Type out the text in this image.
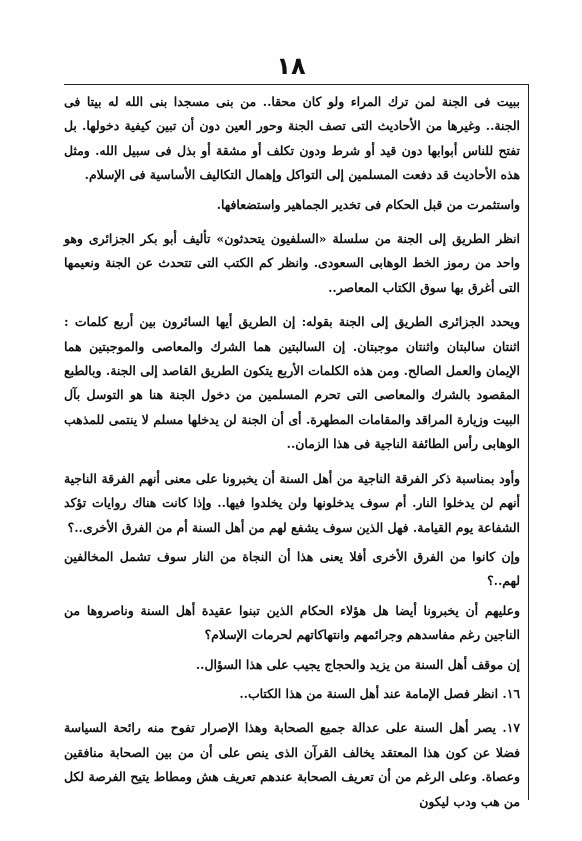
١٨

ببيت فى الجنة لمن ترك المراء ولو كان محقا.. من بنى مسجدا بنى الله له بيتا فى الجنة.. وغيرها من الأحاديث التى تصف الجنة وحور العين دون أن تبين كيفية دخولها. بل تفتح للناس أبوابها دون قيد أو شرط ودون تكلف أو مشقة أو بذل فى سبيل الله. ومثل هذه الأحاديث قد دفعت المسلمين إلى التواكل وإهمال التكاليف الأساسية فى الإسلام.

واستثمرت من قبل الحكام فى تخدير الجماهير واستضعافها.

انظر الطريق إلى الجنة من سلسلة «السلفيون يتحدثون» تأليف أبو بكر الجزائرى وهو واحد من رموز الخط الوهابى السعودى. وانظر كم الكتب التى تتحدث عن الجنة ونعيمها التى أغرق بها سوق الكتاب المعاصر..

ويحدد الجزائرى الطريق إلى الجنة بقوله: إن الطريق أيها السائرون بين أربع كلمات : اثنتان سالبتان واثنتان موجبتان. إن السالبتين هما الشرك والمعاصى والموجبتين هما الإيمان والعمل الصالح. ومن هذه الكلمات الأربع يتكون الطريق القاصد إلى الجنة. وبالطبع المقصود بالشرك والمعاصى التى تحرم المسلمين من دخول الجنة هنا هو التوسل بآل البيت وزيارة المراقد والمقامات المطهرة. أى أن الجنة لن يدخلها مسلم لا ينتمى للمذهب الوهابى رأس الطائفة الناجية فى هذا الزمان..

وأود بمناسبة ذكر الفرقة الناجية من أهل السنة أن يخبرونا على معنى أنهم الفرقة الناجية أنهم لن يدخلوا النار. أم سوف يدخلونها ولن يخلدوا فيها.. وإذا كانت هناك روايات تؤكد الشفاعة يوم القيامة. فهل الذين سوف يشفع لهم من أهل السنة أم من الفرق الأخرى..؟

وإن كانوا من الفرق الأخرى أفلا يعنى هذا أن النجاة من النار سوف تشمل المخالفين لهم..؟

وعليهم أن يخبرونا أيضا هل هؤلاء الحكام الذين تبنوا عقيدة أهل السنة وناصروها من الناجين رغم مفاسدهم وجرائمهم وانتهاكاتهم لحرمات الإسلام؟

إن موقف أهل السنة من يزيد والحجاج يجيب على هذا السؤال..

١٦. انظر فصل الإمامة عند أهل السنة من هذا الكتاب..

١٧. يصر أهل السنة على عدالة جميع الصحابة وهذا الإصرار تفوح منه رائحة السياسة فضلا عن كون هذا المعتقد يخالف القرآن الذى ينص على أن من بين الصحابة منافقين وعصاة. وعلى الرغم من أن تعريف الصحابة عندهم تعريف هش ومطاط يتيح الفرصة لكل من هب ودب ليكون
